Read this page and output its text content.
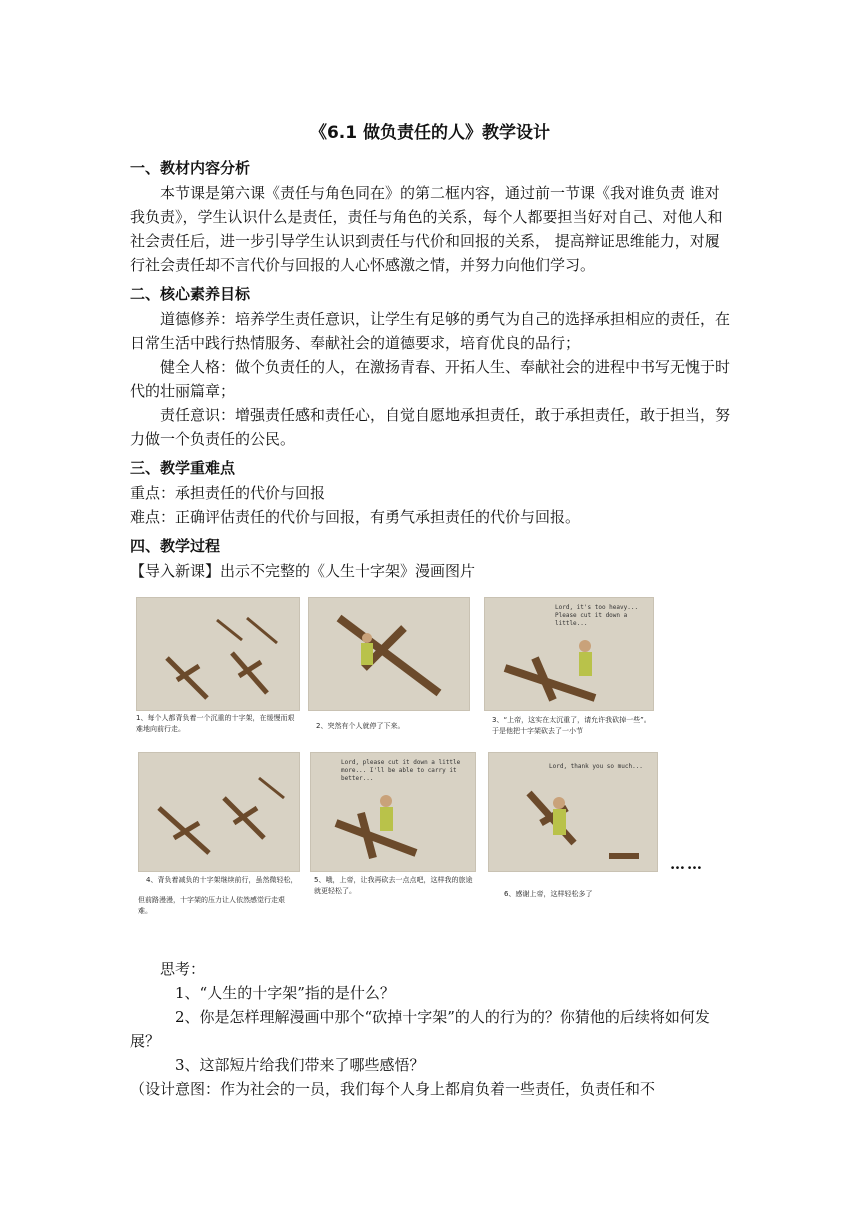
《6.1 做负责任的人》教学设计
一、教材内容分析

本节课是第六课《责任与角色同在》的第二框内容，通过前一节课《我对谁负责 谁对我负责》，学生认识什么是责任，责任与角色的关系，每个人都要担当好对自己、对他人和社会责任后，进一步引导学生认识到责任与代价和回报的关系， 提高辩证思维能力，对履行社会责任却不言代价与回报的人心怀感激之情，并努力向他们学习。

二、核心素养目标

道德修养：培养学生责任意识，让学生有足够的勇气为自己的选择承担相应的责任，在日常生活中践行热情服务、奉献社会的道德要求，培育优良的品行；

健全人格：做个负责任的人，在激扬青春、开拓人生、奉献社会的进程中书写无愧于时代的壮丽篇章；

责任意识：增强责任感和责任心，自觉自愿地承担责任，敢于承担责任，敢于担当，努力做一个负责任的公民。

三、教学重难点

重点：承担责任的代价与回报

难点：正确评估责任的代价与回报，有勇气承担责任的代价与回报。

四、教学过程

【导入新课】出示不完整的《人生十字架》漫画图片

1、每个人都背负着一个沉重的十字架，在缓慢而艰难地向前行走。	2、突然有个人就停了下来。
Lord, it's too heavy... Please cut it down a little...
3、“上帝，这实在太沉重了，请允许我砍掉一些”。
于是他把十字架砍去了一小节
4、背负着减负的十字架继续前行，虽然微轻松，
但前路漫漫，十字架的压力让人依然感觉行走艰难。
Lord, please cut it down a little more... I'll be able to carry it better...
5、哦，上帝，让我再砍去一点点吧，这样我的旅途就更轻松了。
Lord, thank you so much...
6、感谢上帝，这样轻松多了
……

思考：

1、“人生的十字架”指的是什么？

2、你是怎样理解漫画中那个“砍掉十字架”的人的行为的？你猜他的后续将如何发展？

3、这部短片给我们带来了哪些感悟？

（设计意图：作为社会的一员，我们每个人身上都肩负着一些责任，负责任和不
